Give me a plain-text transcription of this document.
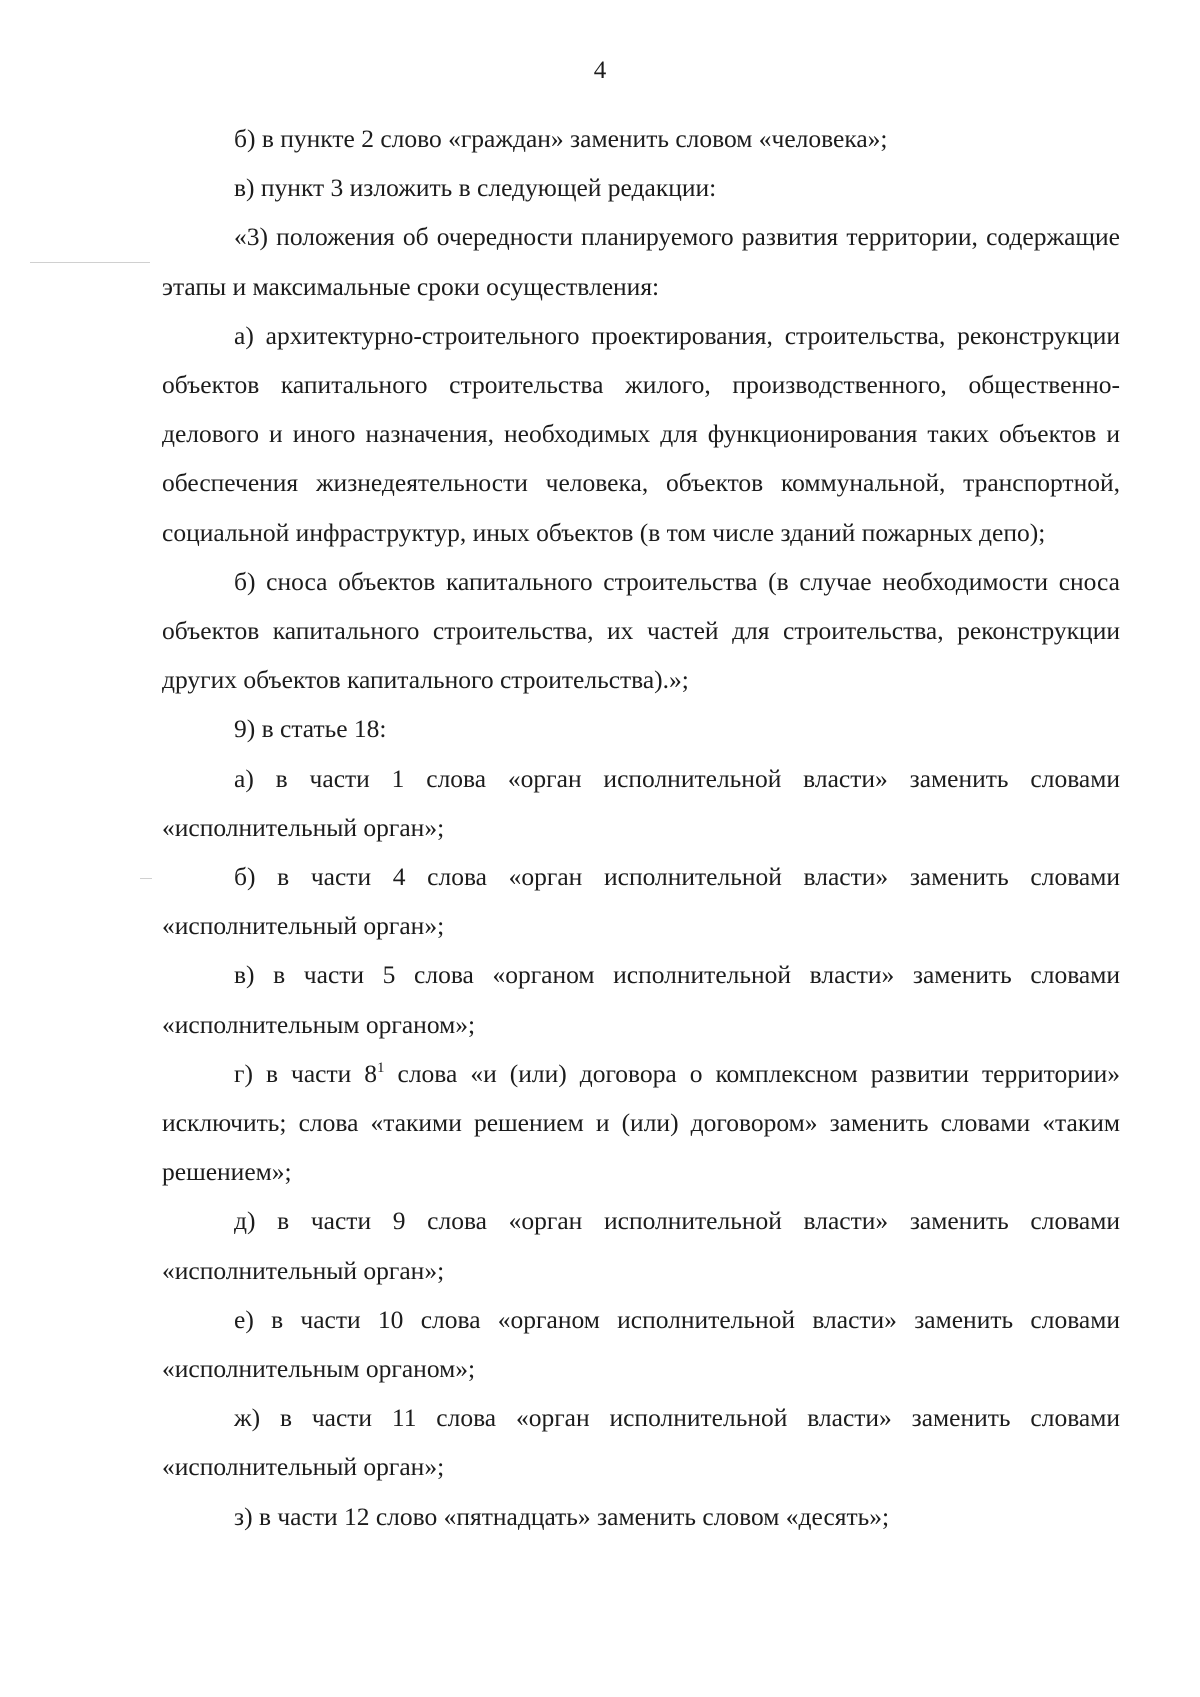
4

б) в пункте 2 слово «граждан» заменить словом «человека»;

в) пункт 3 изложить в следующей редакции:

«3) положения об очередности планируемого развития территории, содержащие этапы и максимальные сроки осуществления:

а) архитектурно-строительного проектирования, строительства, реконструкции объектов капитального строительства жилого, производственного, общественно-делового и иного назначения, необходимых для функционирования таких объектов и обеспечения жизнедеятельности человека, объектов коммунальной, транспортной, социальной инфраструктур, иных объектов (в том числе зданий пожарных депо);

б) сноса объектов капитального строительства (в случае необходимости сноса объектов капитального строительства, их частей для строительства, реконструкции других объектов капитального строительства).»;

9) в статье 18:

а) в части 1 слова «орган исполнительной власти» заменить словами «исполнительный орган»;

б) в части 4 слова «орган исполнительной власти» заменить словами «исполнительный орган»;

в) в части 5 слова «органом исполнительной власти» заменить словами «исполнительным органом»;

г) в части $8^1$ слова «и (или) договора о комплексном развитии территории» исключить; слова «такими решением и (или) договором» заменить словами «таким решением»;

д) в части 9 слова «орган исполнительной власти» заменить словами «исполнительный орган»;

е) в части 10 слова «органом исполнительной власти» заменить словами «исполнительным органом»;

ж) в части 11 слова «орган исполнительной власти» заменить словами «исполнительный орган»;

з) в части 12 слово «пятнадцать» заменить словом «десять»;
